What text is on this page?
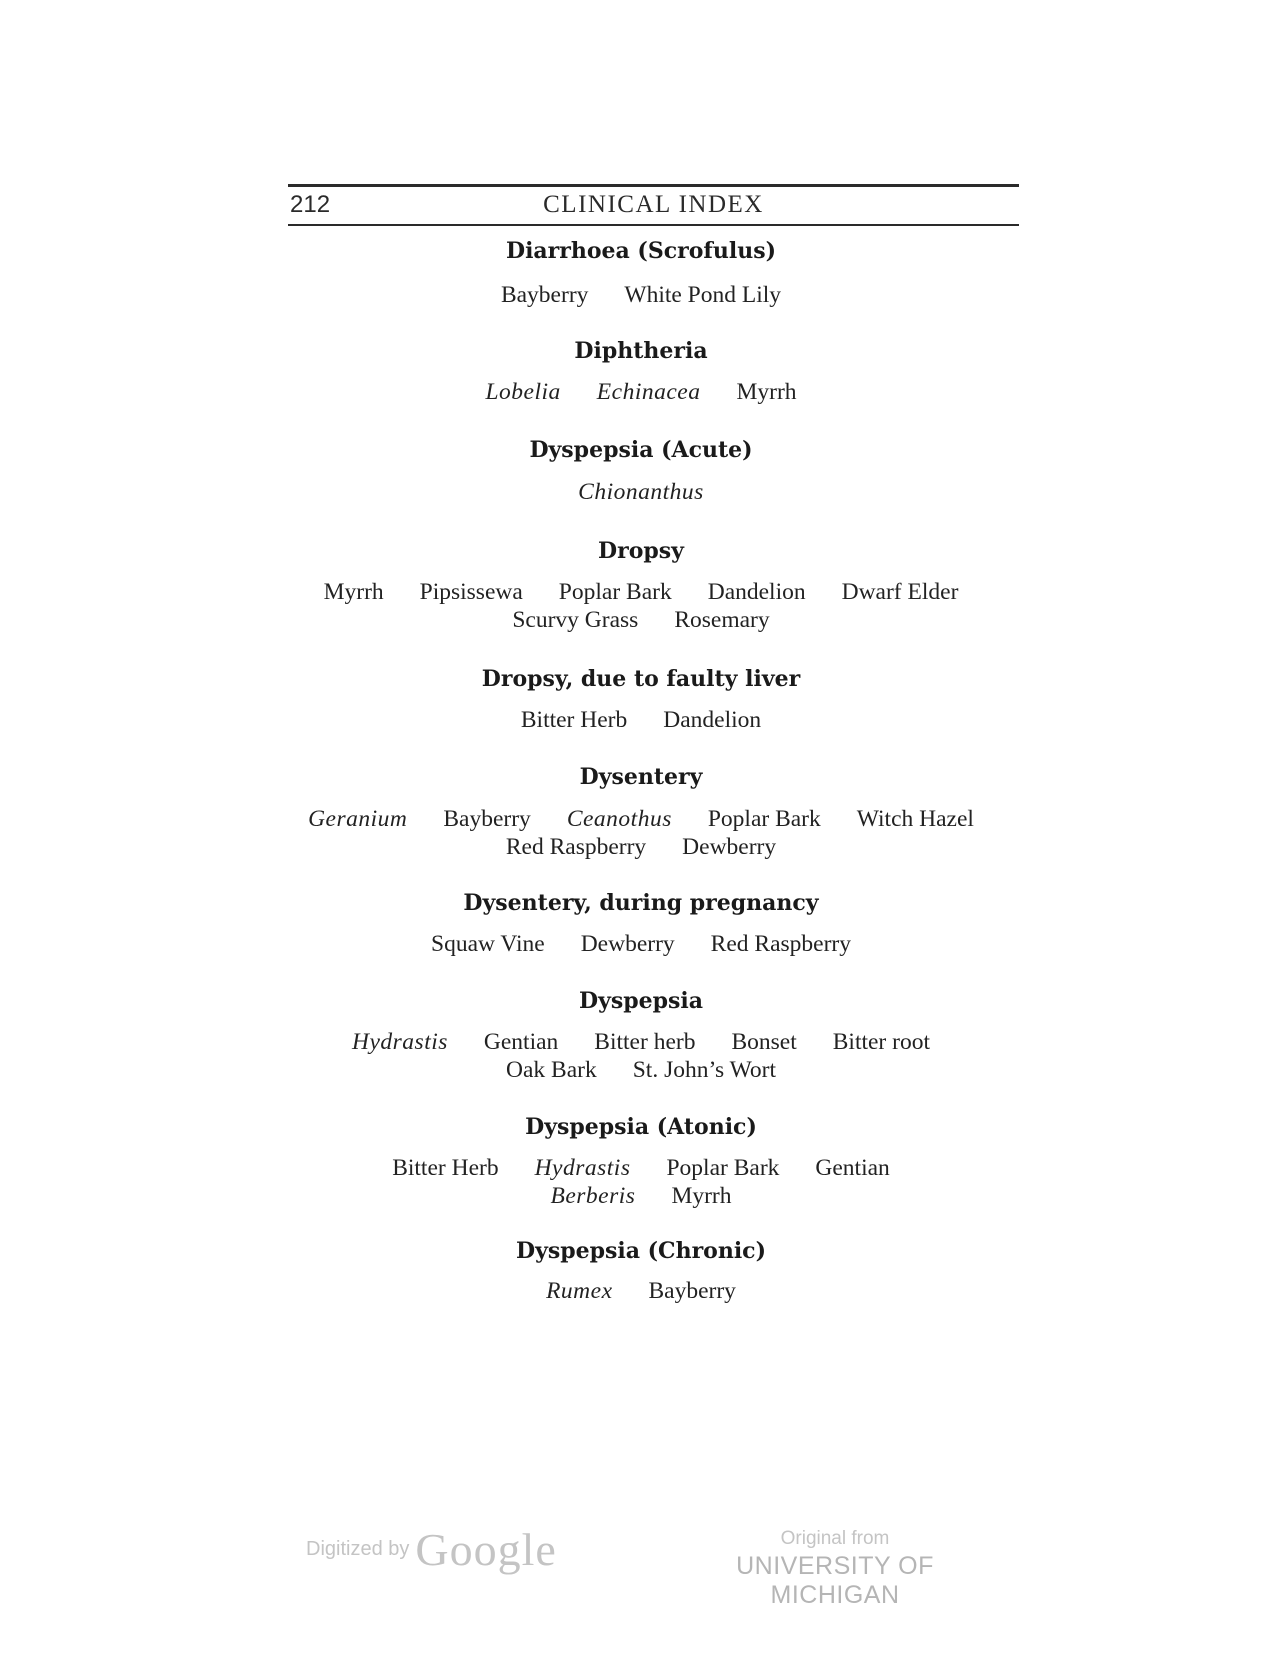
212	CLINICAL INDEX
Diarrhoea (Scrofulus)
Bayberry White Pond Lily
Diphtheria
Lobelia Echinacea Myrrh
Dyspepsia (Acute)
Chionanthus
Dropsy
Myrrh Pipsissewa Poplar Bark Dandelion Dwarf Elder
Scurvy Grass Rosemary
Dropsy, due to faulty liver
Bitter Herb Dandelion
Dysentery
Geranium Bayberry Ceanothus Poplar Bark Witch Hazel
Red Raspberry Dewberry
Dysentery, during pregnancy
Squaw Vine Dewberry Red Raspberry
Dyspepsia
Hydrastis Gentian Bitter herb Bonset Bitter root
Oak Bark St. John’s Wort
Dyspepsia (Atonic)
Bitter Herb Hydrastis Poplar Bark Gentian
Berberis Myrrh
Dyspepsia (Chronic)
Rumex Bayberry
Digitized by Google	Original from
UNIVERSITY OF MICHIGAN
